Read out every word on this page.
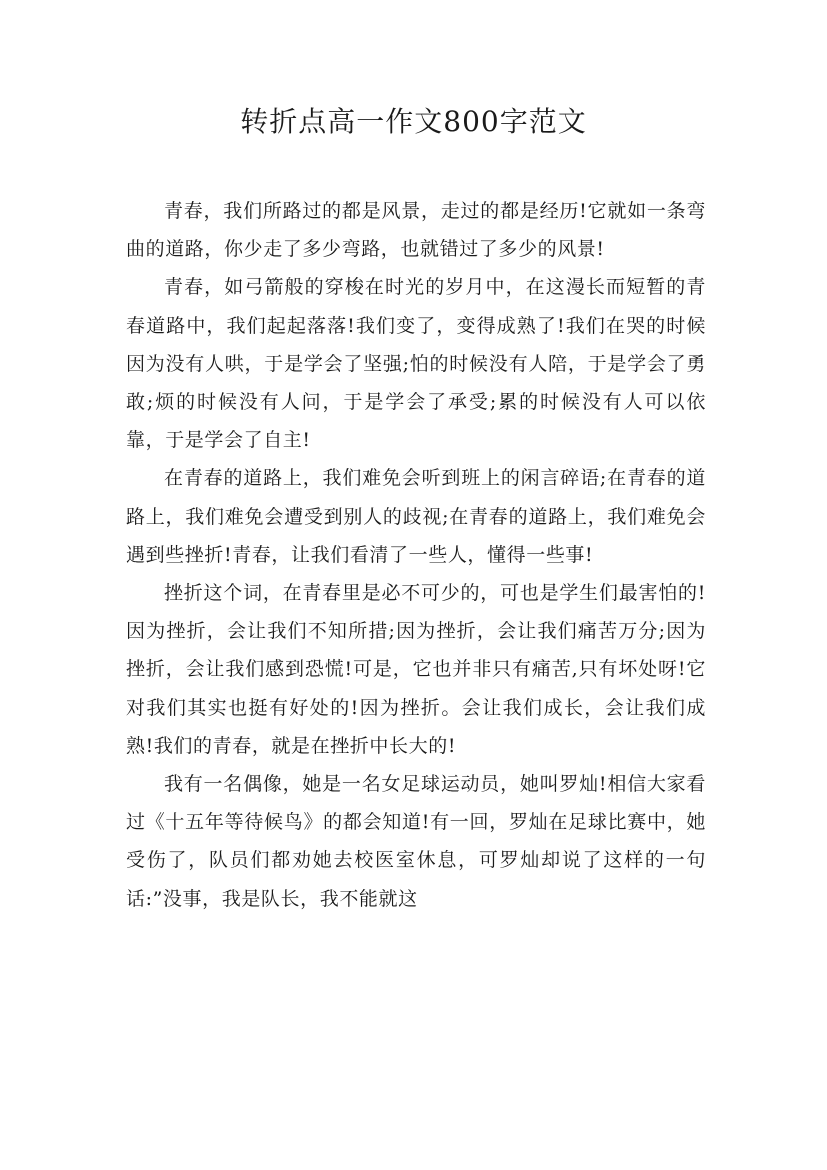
转折点高一作文800字范文

青春，我们所路过的都是风景，走过的都是经历!它就如一条弯曲的道路，你少走了多少弯路，也就错过了多少的风景!

青春，如弓箭般的穿梭在时光的岁月中，在这漫长而短暂的青春道路中，我们起起落落!我们变了，变得成熟了!我们在哭的时候因为没有人哄，于是学会了坚强;怕的时候没有人陪，于是学会了勇敢;烦的时候没有人问，于是学会了承受;累的时候没有人可以依靠，于是学会了自主!

在青春的道路上，我们难免会听到班上的闲言碎语;在青春的道路上，我们难免会遭受到别人的歧视;在青春的道路上，我们难免会遇到些挫折!青春，让我们看清了一些人，懂得一些事!

挫折这个词，在青春里是必不可少的，可也是学生们最害怕的!因为挫折，会让我们不知所措;因为挫折，会让我们痛苦万分;因为挫折，会让我们感到恐慌!可是，它也并非只有痛苦,只有坏处呀!它对我们其实也挺有好处的!因为挫折。会让我们成长，会让我们成熟!我们的青春，就是在挫折中长大的!

我有一名偶像，她是一名女足球运动员，她叫罗灿!相信大家看过《十五年等待候鸟》的都会知道!有一回，罗灿在足球比赛中，她受伤了，队员们都劝她去校医室休息，可罗灿却说了这样的一句话:”没事，我是队长，我不能就这
